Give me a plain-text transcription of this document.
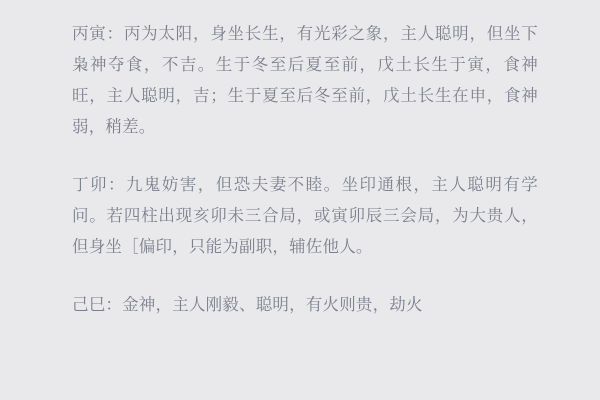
丙寅：丙为太阳，身坐长生，有光彩之象，主人聪明，但坐下枭神夺食，不吉。生于冬至后夏至前，戊土长生于寅，食神旺，主人聪明，吉；生于夏至后冬至前，戊土长生在申，食神弱，稍差。

丁卯：九鬼妨害，但恐夫妻不睦。坐印通根，主人聪明有学问。若四柱出现亥卯未三合局，或寅卯辰三会局，为大贵人，但身坐［偏印，只能为副职，辅佐他人。

己巳：金神，主人刚毅、聪明，有火则贵，劫火
